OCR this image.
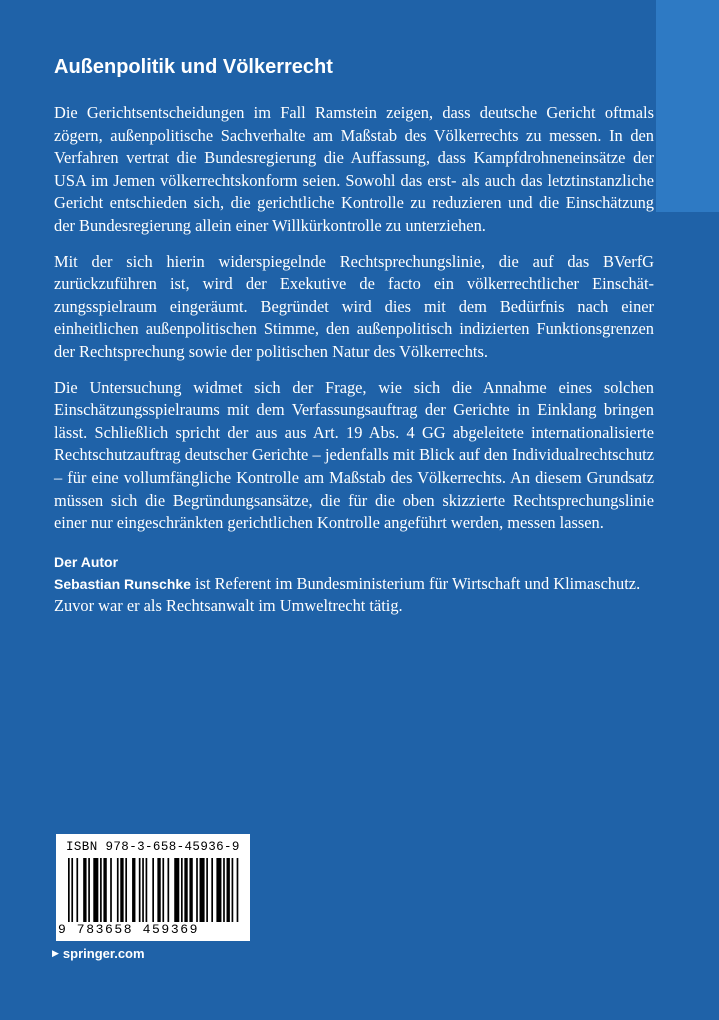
Außenpolitik und Völkerrecht

Die Gerichtsentscheidungen im Fall Ramstein zeigen, dass deutsche Gericht oftmals zögern, außenpolitische Sachverhalte am Maßstab des Völkerrechts zu messen. In den Verfahren vertrat die Bundesregierung die Auffassung, dass Kampfdrohneneinsätze der USA im Jemen völkerrechtskonform seien. Sowohl das erst- als auch das letztinstanzliche Gericht entschieden sich, die gerichtliche Kontrolle zu reduzieren und die Einschätzung der Bundesregierung allein einer Willkürkontrolle zu unterziehen.

Mit der sich hierin widerspiegelnde Rechtsprechungslinie, die auf das BVerfG zurückzuführen ist, wird der Exekutive de facto ein völkerrechtlicher Einschätzungsspielraum eingeräumt. Begründet wird dies mit dem Bedürfnis nach einer einheitlichen außenpolitischen Stimme, den außenpolitisch indizierten Funktionsgrenzen der Rechtsprechung sowie der politischen Natur des Völkerrechts.

Die Untersuchung widmet sich der Frage, wie sich die Annahme eines solchen Einschätzungsspielraums mit dem Verfassungsauftrag der Gerichte in Einklang bringen lässt. Schließlich spricht der aus aus Art. 19 Abs. 4 GG abgeleitete internationalisierte Rechtschutzauftrag deutscher Gerichte – jedenfalls mit Blick auf den Individualrechtschutz – für eine vollumfängliche Kontrolle am Maßstab des Völkerrechts. An diesem Grundsatz müssen sich die Begründungsansätze, die für die oben skizzierte Rechtsprechungslinie einer nur eingeschränkten gerichtlichen Kontrolle angeführt werden, messen lassen.

Der Autor

Sebastian Runschke ist Referent im Bundesministerium für Wirtschaft und Klimaschutz. Zuvor war er als Rechtsanwalt im Umweltrecht tätig.

ISBN 978-3-658-45936-9
9 783658 459369
▶ springer.com
